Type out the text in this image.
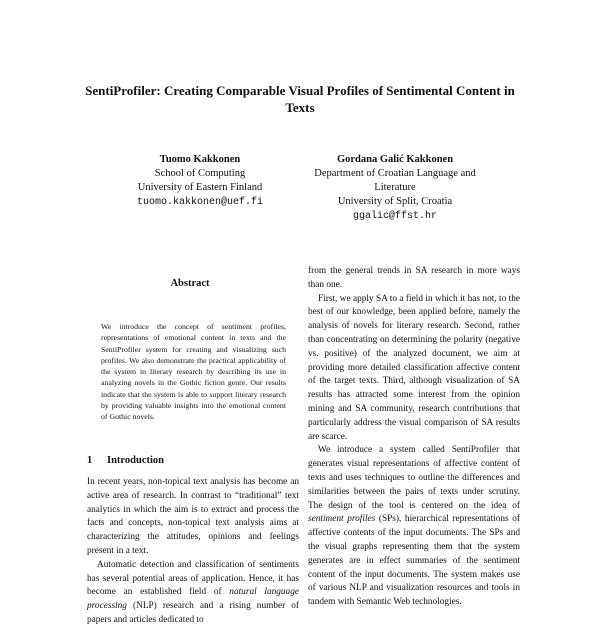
SentiProfiler: Creating Comparable Visual Profiles of Sentimental Content in Texts
Tuomo Kakkonen
School of Computing
University of Eastern Finland
tuomo.kakkonen@uef.fi
Gordana Galić Kakkonen
Department of Croatian Language and Literature
University of Split, Croatia
ggalic@ffst.hr
Abstract

We introduce the concept of sentiment profiles, representations of emotional content in texts and the SentiProfiler system for creating and visualizing such profiles. We also demonstrate the practical applicability of the system in literary research by describing its use in analyzing novels in the Gothic fiction genre. Our results indicate that the system is able to support literary research by providing valuable insights into the emotional content of Gothic novels.

1 Introduction

In recent years, non-topical text analysis has become an active area of research. In contrast to “traditional” text analytics in which the aim is to extract and process the facts and concepts, non-topical text analysis aims at characterizing the attitudes, opinions and feelings present in a text.

Automatic detection and classification of sentiments has several potential areas of application. Hence, it has become an established field of natural language processing (NLP) research and a rising number of papers and articles dedicated to

from the general trends in SA research in more ways than one.

First, we apply SA to a field in which it has not, to the best of our knowledge, been applied before, namely the analysis of novels for literary research. Second, rather than concentrating on determining the polarity (negative vs. positive) of the analyzed document, we aim at providing more detailed classification affective content of the target texts. Third, although visualization of SA results has attracted some interest from the opinion mining and SA community, research contributions that particularly address the visual comparison of SA results are scarce.

We introduce a system called SentiProfiler that generates visual representations of affective content of texts and uses techniques to outline the differences and similarities between the pairs of texts under scrutiny. The design of the tool is centered on the idea of sentiment profiles (SPs), hierarchical representations of affective contents of the input documents. The SPs and the visual graphs representing them that the system generates are in effect summaries of the sentiment content of the input documents. The system makes use of various NLP and visualization resources and tools in tandem with Semantic Web technologies.
